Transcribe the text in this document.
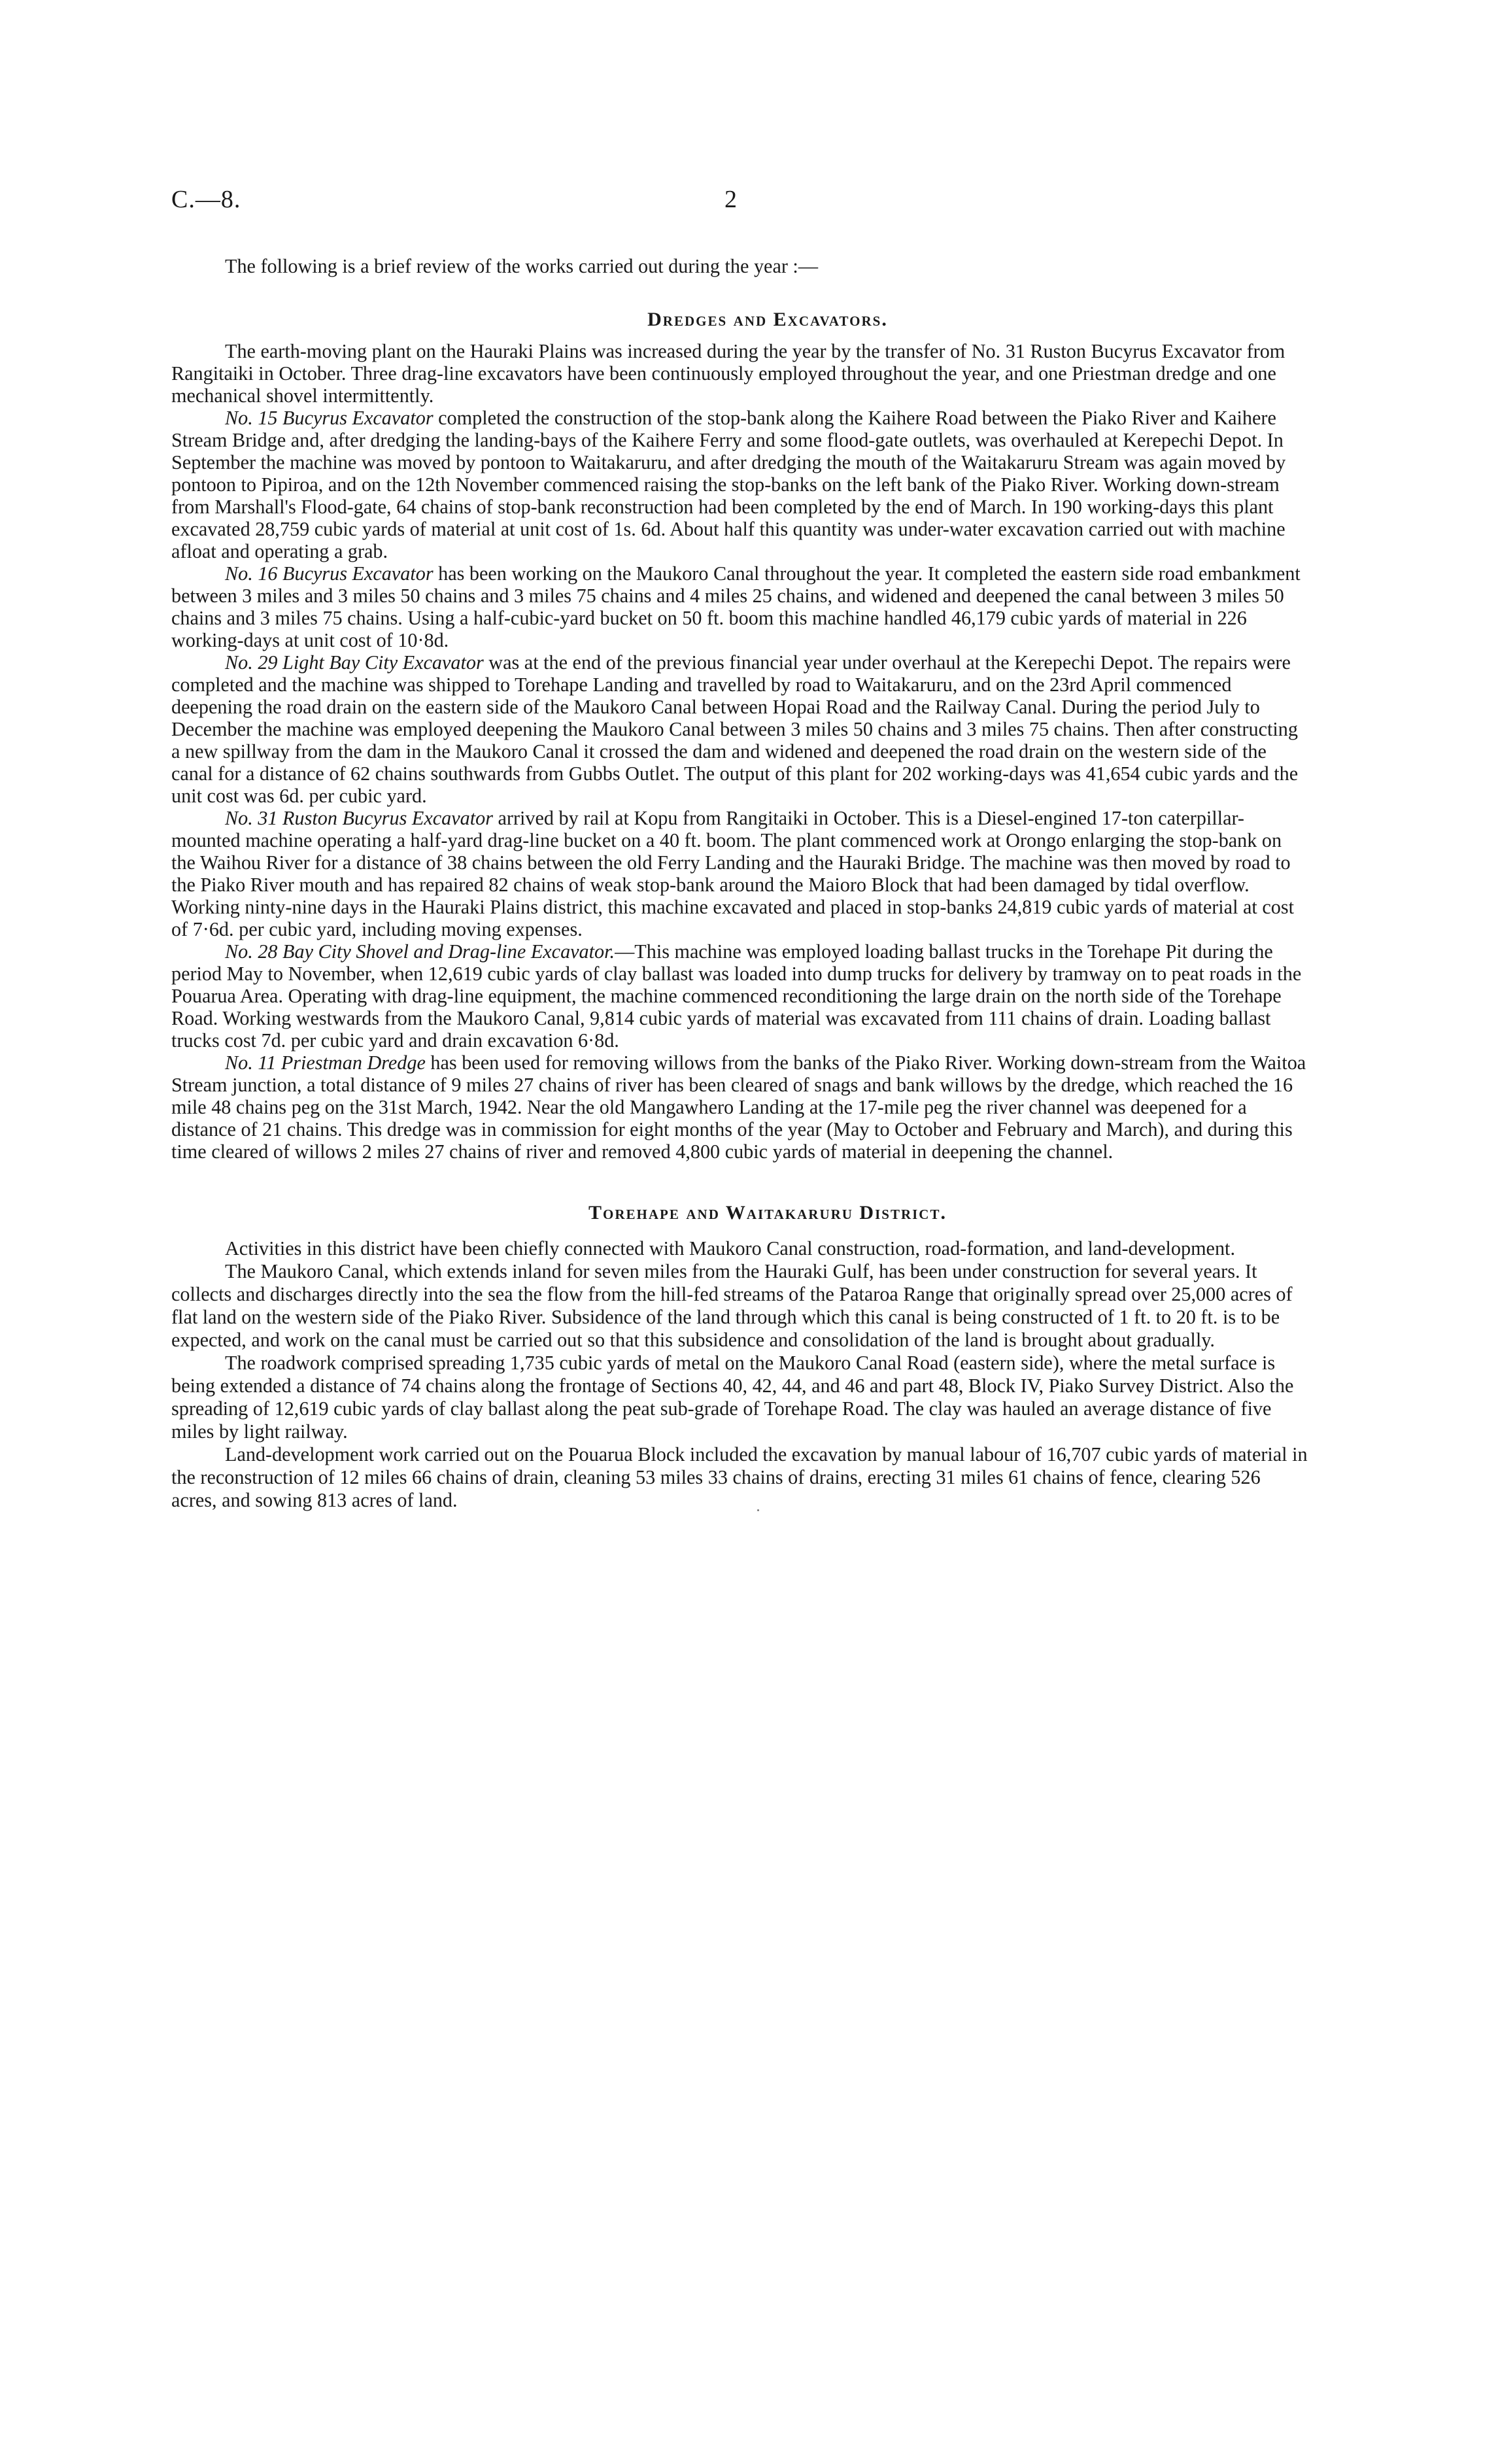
C.—8.	2

The following is a brief review of the works carried out during the year :—

Dredges and Excavators.

The earth-moving plant on the Hauraki Plains was increased during the year by the transfer of No. 31 Ruston Bucyrus Excavator from Rangitaiki in October. Three drag-line excavators have been continuously employed throughout the year, and one Priestman dredge and one mechanical shovel intermittently.

No. 15 Bucyrus Excavator completed the construction of the stop-bank along the Kaihere Road between the Piako River and Kaihere Stream Bridge and, after dredging the landing-bays of the Kaihere Ferry and some flood-gate outlets, was overhauled at Kerepechi Depot. In September the machine was moved by pontoon to Waitakaruru, and after dredging the mouth of the Waitakaruru Stream was again moved by pontoon to Pipiroa, and on the 12th November commenced raising the stop-banks on the left bank of the Piako River. Working down-stream from Marshall's Flood-gate, 64 chains of stop-bank reconstruction had been completed by the end of March. In 190 working-days this plant excavated 28,759 cubic yards of material at unit cost of 1s. 6d. About half this quantity was under-water excavation carried out with machine afloat and operating a grab.

No. 16 Bucyrus Excavator has been working on the Maukoro Canal throughout the year. It completed the eastern side road embankment between 3 miles and 3 miles 50 chains and 3 miles 75 chains and 4 miles 25 chains, and widened and deepened the canal between 3 miles 50 chains and 3 miles 75 chains. Using a half-cubic-yard bucket on 50 ft. boom this machine handled 46,179 cubic yards of material in 226 working-days at unit cost of 10·8d.

No. 29 Light Bay City Excavator was at the end of the previous financial year under overhaul at the Kerepechi Depot. The repairs were completed and the machine was shipped to Torehape Landing and travelled by road to Waitakaruru, and on the 23rd April commenced deepening the road drain on the eastern side of the Maukoro Canal between Hopai Road and the Railway Canal. During the period July to December the machine was employed deepening the Maukoro Canal between 3 miles 50 chains and 3 miles 75 chains. Then after constructing a new spillway from the dam in the Maukoro Canal it crossed the dam and widened and deepened the road drain on the western side of the canal for a distance of 62 chains southwards from Gubbs Outlet. The output of this plant for 202 working-days was 41,654 cubic yards and the unit cost was 6d. per cubic yard.

No. 31 Ruston Bucyrus Excavator arrived by rail at Kopu from Rangitaiki in October. This is a Diesel-engined 17-ton caterpillar-mounted machine operating a half-yard drag-line bucket on a 40 ft. boom. The plant commenced work at Orongo enlarging the stop-bank on the Waihou River for a distance of 38 chains between the old Ferry Landing and the Hauraki Bridge. The machine was then moved by road to the Piako River mouth and has repaired 82 chains of weak stop-bank around the Maioro Block that had been damaged by tidal overflow. Working ninty-nine days in the Hauraki Plains district, this machine excavated and placed in stop-banks 24,819 cubic yards of material at cost of 7·6d. per cubic yard, including moving expenses.

No. 28 Bay City Shovel and Drag-line Excavator.—This machine was employed loading ballast trucks in the Torehape Pit during the period May to November, when 12,619 cubic yards of clay ballast was loaded into dump trucks for delivery by tramway on to peat roads in the Pouarua Area. Operating with drag-line equipment, the machine commenced reconditioning the large drain on the north side of the Torehape Road. Working westwards from the Maukoro Canal, 9,814 cubic yards of material was excavated from 111 chains of drain. Loading ballast trucks cost 7d. per cubic yard and drain excavation 6·8d.

No. 11 Priestman Dredge has been used for removing willows from the banks of the Piako River. Working down-stream from the Waitoa Stream junction, a total distance of 9 miles 27 chains of river has been cleared of snags and bank willows by the dredge, which reached the 16 mile 48 chains peg on the 31st March, 1942. Near the old Mangawhero Landing at the 17-mile peg the river channel was deepened for a distance of 21 chains. This dredge was in commission for eight months of the year (May to October and February and March), and during this time cleared of willows 2 miles 27 chains of river and removed 4,800 cubic yards of material in deepening the channel.

Torehape and Waitakaruru District.

Activities in this district have been chiefly connected with Maukoro Canal construction, road-formation, and land-development.

The Maukoro Canal, which extends inland for seven miles from the Hauraki Gulf, has been under construction for several years. It collects and discharges directly into the sea the flow from the hill-fed streams of the Pataroa Range that originally spread over 25,000 acres of flat land on the western side of the Piako River. Subsidence of the land through which this canal is being constructed of 1 ft. to 20 ft. is to be expected, and work on the canal must be carried out so that this subsidence and consolidation of the land is brought about gradually.

The roadwork comprised spreading 1,735 cubic yards of metal on the Maukoro Canal Road (eastern side), where the metal surface is being extended a distance of 74 chains along the frontage of Sections 40, 42, 44, and 46 and part 48, Block IV, Piako Survey District. Also the spreading of 12,619 cubic yards of clay ballast along the peat sub-grade of Torehape Road. The clay was hauled an average distance of five miles by light railway.

Land-development work carried out on the Pouarua Block included the excavation by manual labour of 16,707 cubic yards of material in the reconstruction of 12 miles 66 chains of drain, cleaning 53 miles 33 chains of drains, erecting 31 miles 61 chains of fence, clearing 526 acres, and sowing 813 acres of land.
